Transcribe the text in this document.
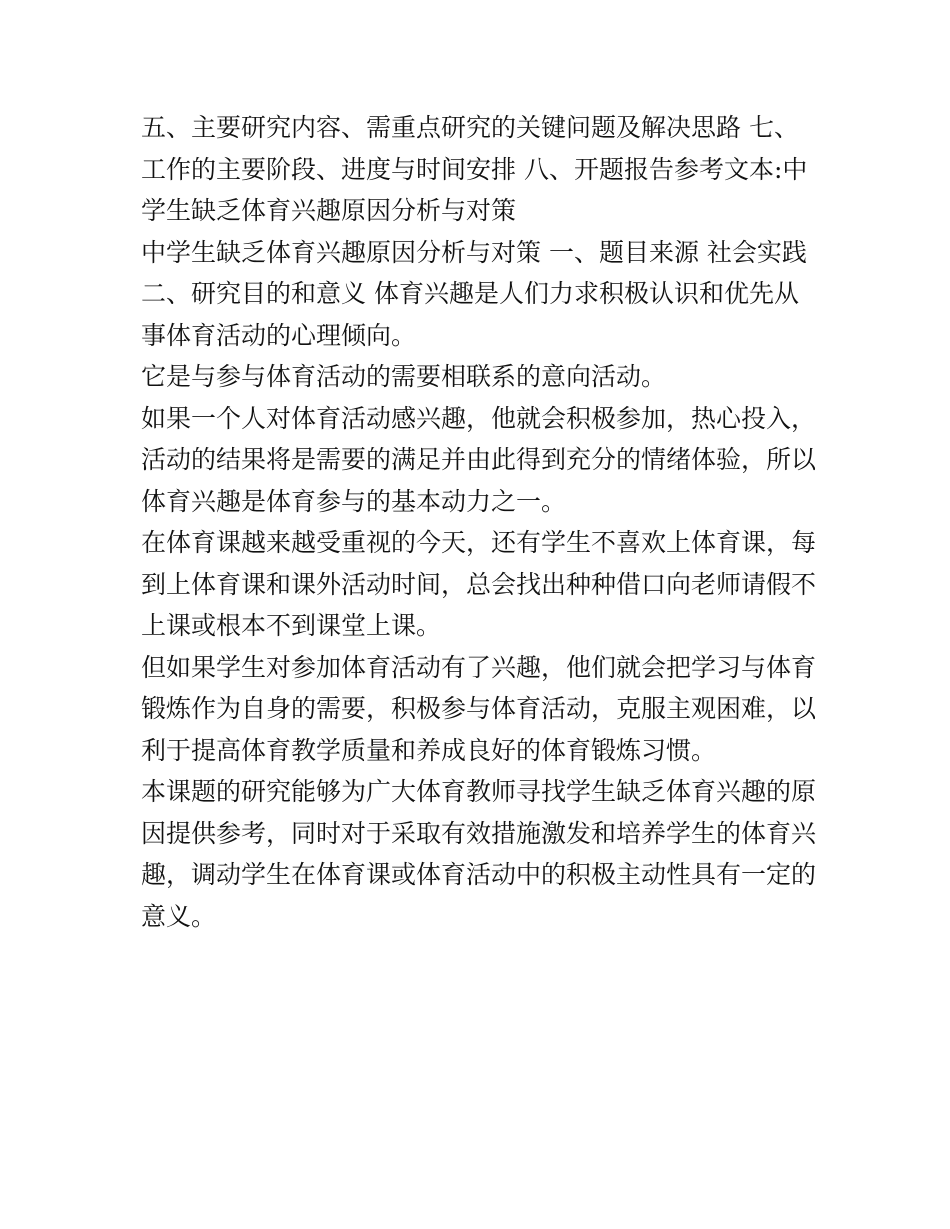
五、主要研究内容、需重点研究的关键问题及解决思路 七、
工作的主要阶段、进度与时间安排 八、开题报告参考文本:中
学生缺乏体育兴趣原因分析与对策
中学生缺乏体育兴趣原因分析与对策 一、题目来源 社会实践
二、研究目的和意义 体育兴趣是人们力求积极认识和优先从
事体育活动的心理倾向。
它是与参与体育活动的需要相联系的意向活动。
如果一个人对体育活动感兴趣，他就会积极参加，热心投入，
活动的结果将是需要的满足并由此得到充分的情绪体验，所以
体育兴趣是体育参与的基本动力之一。
在体育课越来越受重视的今天，还有学生不喜欢上体育课，每
到上体育课和课外活动时间，总会找出种种借口向老师请假不
上课或根本不到课堂上课。
但如果学生对参加体育活动有了兴趣，他们就会把学习与体育
锻炼作为自身的需要，积极参与体育活动，克服主观困难，以
利于提高体育教学质量和养成良好的体育锻炼习惯。
本课题的研究能够为广大体育教师寻找学生缺乏体育兴趣的原
因提供参考，同时对于采取有效措施激发和培养学生的体育兴
趣，调动学生在体育课或体育活动中的积极主动性具有一定的
意义。
